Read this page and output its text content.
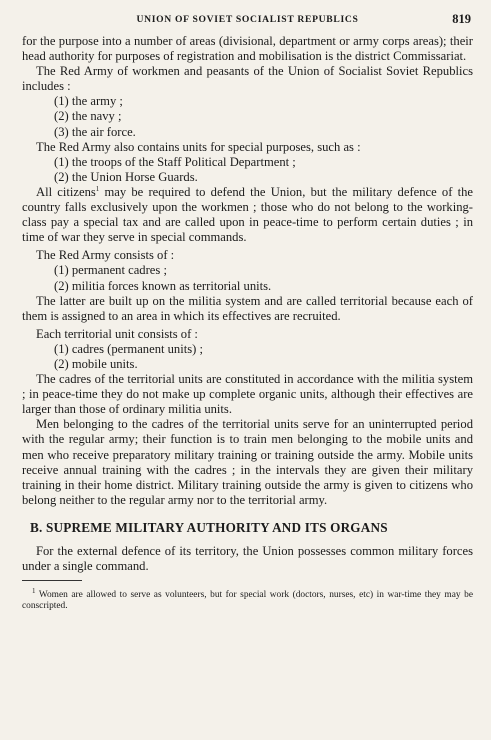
UNION OF SOVIET SOCIALIST REPUBLICS	819

for the purpose into a number of areas (divisional, department or army corps areas); their head authority for purposes of registration and mobilisation is the district Commissariat.

The Red Army of workmen and peasants of the Union of Socialist Soviet Republics includes :

(1) the army ;
(2) the navy ;
(3) the air force.

The Red Army also contains units for special purposes, such as :

(1) the troops of the Staff Political Department ;
(2) the Union Horse Guards.

All citizens$^1$ may be required to defend the Union, but the military defence of the country falls exclusively upon the workmen ; those who do not belong to the working-class pay a special tax and are called upon in peace-time to perform certain duties ; in time of war they serve in special commands.

The Red Army consists of :

(1) permanent cadres ;
(2) militia forces known as territorial units.

The latter are built up on the militia system and are called territorial because each of them is assigned to an area in which its effectives are recruited.

Each territorial unit consists of :

(1) cadres (permanent units) ;
(2) mobile units.

The cadres of the territorial units are constituted in accordance with the militia system ; in peace-time they do not make up complete organic units, although their effectives are larger than those of ordinary militia units.

Men belonging to the cadres of the territorial units serve for an uninterrupted period with the regular army; their function is to train men belonging to the mobile units and men who receive preparatory military training or training outside the army. Mobile units receive annual training with the cadres ; in the intervals they are given their military training in their home district. Military training outside the army is given to citizens who belong neither to the regular army nor to the territorial army.

B. SUPREME MILITARY AUTHORITY AND ITS ORGANS

For the external defence of its territory, the Union possesses common military forces under a single command.

$^1$ Women are allowed to serve as volunteers, but for special work (doctors, nurses, etc) in war-time they may be conscripted.
